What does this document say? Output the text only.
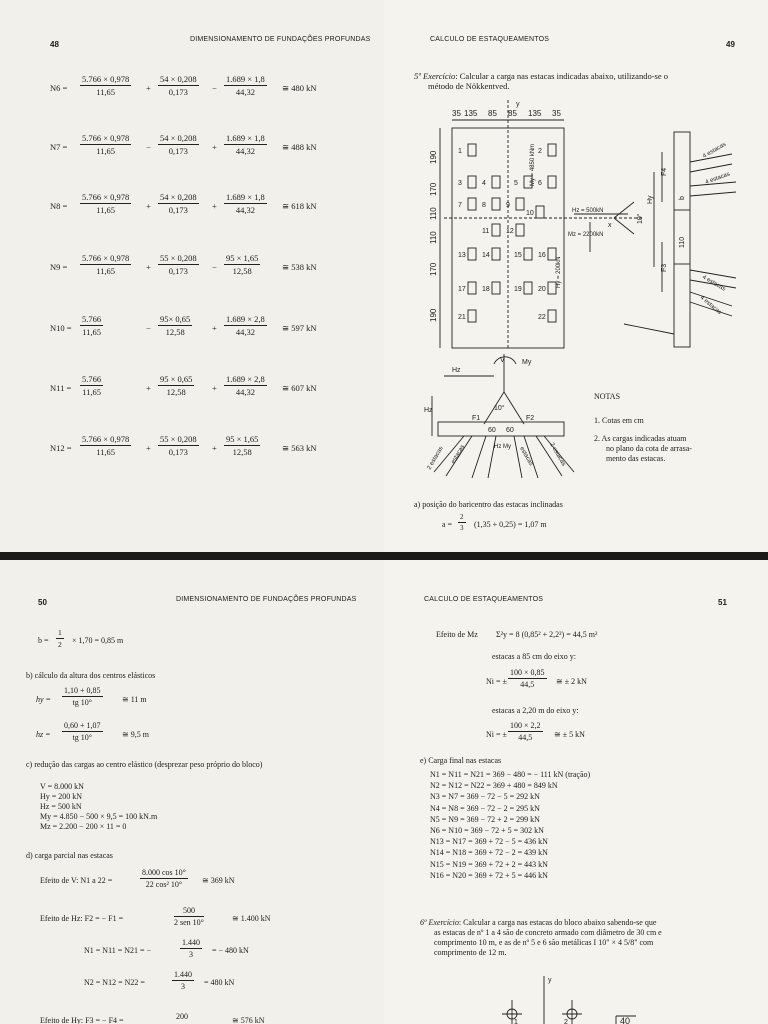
48
DIMENSIONAMENTO DE FUNDAÇÕES PROFUNDAS
$N6 = \frac{5.766 \times 0,978}{11,65} + \frac{54 \times 0,208}{0,173} - \frac{1.689 \times 1,8}{44,32}$ ≅ 480 kN
$N7 = \frac{5.766 \times 0,978}{11,65} - \frac{54 \times 0,208}{0,173} + \frac{1.689 \times 1,8}{44,32}$ ≅ 488 kN
$N8 = \frac{5.766 \times 0,978}{11,65} + \frac{54 \times 0,208}{0,173} + \frac{1.689 \times 1,8}{44,32}$ ≅ 618 kN
$N9 = \frac{5.766 \times 0,978}{11,65} + \frac{55 \times 0,208}{0,173} - \frac{95 \times 1,65}{12,58}$	≅ 538 kN
$N10 = \frac{5.766}{11,65}$	− $\frac{95\times 0,65}{12,58} + \frac{1.689 \times 2,8}{44,32}$ ≅ 597 kN
$N11 = \frac{5.766}{11,65}$	+ $\frac{95 \times 0,65}{12,58} + \frac{1.689 \times 2,8}{44,32}$ ≅ 607 kN
$N12 = \frac{5.766 \times 0,978}{11,65} + \frac{55 \times 0,208}{0,173} + \frac{95 \times 1,65}{12,58}$	≅ 563 kN
CALCULO DE ESTAQUEAMENTOS
49
5º Exercício: Calcular a carga nas estacas indicadas abaixo, utilizando-se o
método de Nökkentved.
1	2
3	4	5	6
7	8	9
10
11 12
13 14	15 16
17 18	19 20
21	22
y
x
My = 4850 kNm
Hz = 500kN
Mz = 2200kN
Hy = 200kN
Hy
F4
F3
10°
b
110
4 estacas
4 estacas
4 estacas
4 estacas
35 135 85 85 135 35
190
170
110
110
170
190
V My
Hz
Hz
F1	F2
10°
60 60
Hz My
2 estacas estacas	estacas 2 estacas
NOTAS
1. Cotas em cm
2. As cargas indicadas atuam
no plano da cota de arrasa-
mento das estacas.
a) posição do baricentro das estacas inclinadas
$a = \frac{2}{3} (1,35 + 0,25) = 1,07$ m
50	DIMENSIONAMENTO DE FUNDAÇÕES PROFUNDAS
$b = \frac{1}{2} \times 1,70 = 0,85$ m
b) cálculo da altura dos centros elásticos
hy = $\frac{1,10 + 0,85}{tg 10^\circ}$ ≅ 11 m
hz = $\frac{0,60 + 1,07}{tg 10^\circ}$ ≅ 9,5 m
c) redução das cargas ao centro elástico (desprezar peso próprio do bloco)
V = 8.000 kN
Hy = 200 kN
Hz = 500 kN
My = 4.850 − 500 × 9,5 = 100 kN.m
Mz = 2.200 − 200 × 11 = 0
d) carga parcial nas estacas
Efeito de V: N1 a 22 =	$\frac{8.000 \cos 10^\circ}{\text{22 cos² 10°}}$ ≅ 369 kN
Efeito de Hz: F2 = − F1 =
500
2 sen 10°	≅ 1.400 kN
N1 = N11 = N21 = −	$\frac{1.440}{3}$ = − 480 kN
N2 = N12 = N22 =	$\frac{1.440}{3} = 480$ kN
Efeito de Hy: F3 = − F4 =	200	≅ 576 kN
CALCULO DE ESTAQUEAMENTOS	51
Efeito de Mz Σ²y = 8 (0,85² + 2,2²) = 44,5 m²
estacas a 85 cm do eixo y:
Ni = ± $\frac{100 \times 0,85}{44,5}$ ≅ ± 2 kN
estacas a 2,20 m do eixo y:
Ni = ± $\frac{100 \times 2,2}{44,5}$ ≅ ± 5 kN
e) Carga final nas estacas
N1 = N11 = N21 = 369 − 480 = − 111 kN (tração)
N2 = N12 = N22 = 369 + 480 = 849 kN
N3 = N7 = 369 − 72 − 5 = 292 kN
N4 = N8 = 369 − 72 − 2 = 295 kN
N5 = N9 = 369 − 72 + 2 = 299 kN
N6 = N10 = 369 − 72 + 5 = 302 kN
N13 = N17 = 369 + 72 − 5 = 436 kN
N14 = N18 = 369 + 72 − 2 = 439 kN
N15 = N19 = 369 + 72 + 2 = 443 kN
N16 = N20 = 369 + 72 + 5 = 446 kN
6º Exercício: Calcular a carga nas estacas do bloco abaixo sabendo-se que
as estacas de nº 1 a 4 são de concreto armado com diâmetro de 30 cm e
comprimento 10 m, e as de nº 5 e 6 são metálicas I 10" × 4 5/8" com
comprimento de 12 m.
y
1	2	40
